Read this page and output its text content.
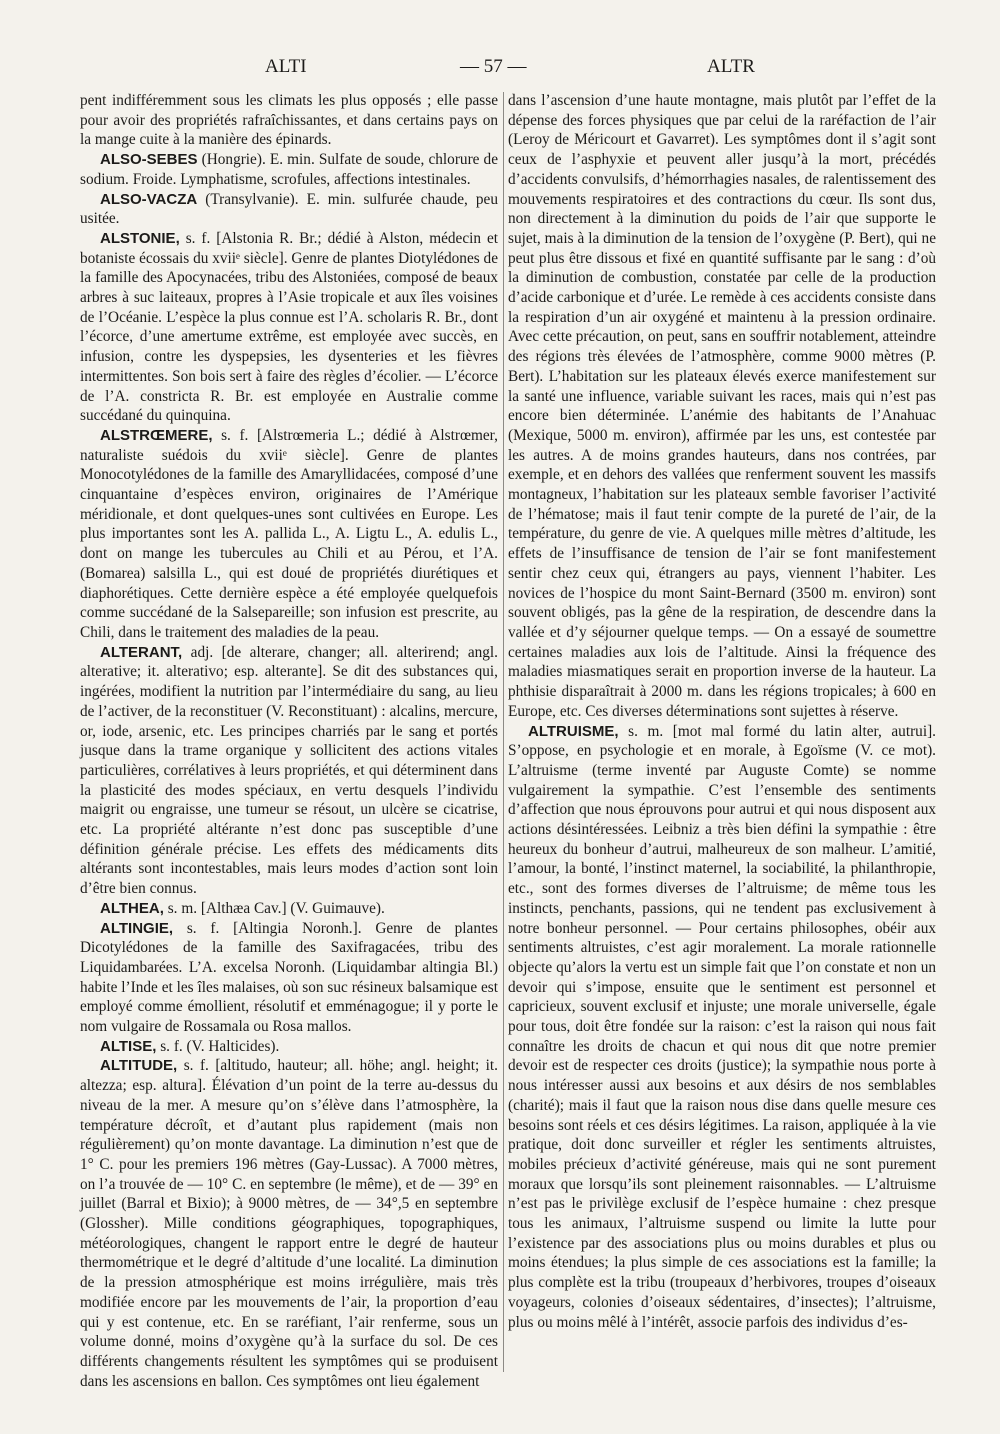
ALTI	— 57 —	ALTR

pent indifféremment sous les climats les plus opposés ; elle passe pour avoir des propriétés rafraîchissantes, et dans certains pays on la mange cuite à la manière des épinards.

ALSO-SEBES (Hongrie). E. min. Sulfate de soude, chlorure de sodium. Froide. Lymphatisme, scrofules, affections intestinales.

ALSO-VACZA (Transylvanie). E. min. sulfurée chaude, peu usitée.

ALSTONIE, s. f. [Alstonia R. Br.; dédié à Alston, médecin et botaniste écossais du xviiᵉ siècle]. Genre de plantes Diotylédones de la famille des Apocynacées, tribu des Alstoniées, composé de beaux arbres à suc laiteaux, propres à l’Asie tropicale et aux îles voisines de l’Océanie. L’espèce la plus connue est l’A. scholaris R. Br., dont l’écorce, d’une amertume extrême, est employée avec succès, en infusion, contre les dyspepsies, les dysenteries et les fièvres intermittentes. Son bois sert à faire des règles d’écolier. — L’écorce de l’A. constricta R. Br. est employée en Australie comme succédané du quinquina.

ALSTRŒMERE, s. f. [Alstrœmeria L.; dédié à Alstrœmer, naturaliste suédois du xviiᵉ siècle]. Genre de plantes Monocotylédones de la famille des Amaryllidacées, composé d’une cinquantaine d’espèces environ, originaires de l’Amérique méridionale, et dont quelques-unes sont cultivées en Europe. Les plus importantes sont les A. pallida L., A. Ligtu L., A. edulis L., dont on mange les tubercules au Chili et au Pérou, et l’A. (Bomarea) salsilla L., qui est doué de propriétés diurétiques et diaphorétiques. Cette dernière espèce a été employée quelquefois comme succédané de la Salsepareille; son infusion est prescrite, au Chili, dans le traitement des maladies de la peau.

ALTERANT, adj. [de alterare, changer; all. alterirend; angl. alterative; it. alterativo; esp. alterante]. Se dit des substances qui, ingérées, modifient la nutrition par l’intermédiaire du sang, au lieu de l’activer, de la reconstituer (V. Reconstituant) : alcalins, mercure, or, iode, arsenic, etc. Les principes charriés par le sang et portés jusque dans la trame organique y sollicitent des actions vitales particulières, corrélatives à leurs propriétés, et qui déterminent dans la plasticité des modes spéciaux, en vertu desquels l’individu maigrit ou engraisse, une tumeur se résout, un ulcère se cicatrise, etc. La propriété altérante n’est donc pas susceptible d’une définition générale précise. Les effets des médicaments dits altérants sont incontestables, mais leurs modes d’action sont loin d’être bien connus.

ALTHEA, s. m. [Althæa Cav.] (V. Guimauve).

ALTINGIE, s. f. [Altingia Noronh.]. Genre de plantes Dicotylédones de la famille des Saxifragacées, tribu des Liquidambarées. L’A. excelsa Noronh. (Liquidambar altingia Bl.) habite l’Inde et les îles malaises, où son suc résineux balsamique est employé comme émollient, résolutif et emménagogue; il y porte le nom vulgaire de Rossamala ou Rosa mallos.

ALTISE, s. f. (V. Halticides).

ALTITUDE, s. f. [altitudo, hauteur; all. höhe; angl. height; it. altezza; esp. altura]. Élévation d’un point de la terre au-dessus du niveau de la mer. A mesure qu’on s’élève dans l’atmosphère, la température décroît, et d’autant plus rapidement (mais non régulièrement) qu’on monte davantage. La diminution n’est que de 1° C. pour les premiers 196 mètres (Gay-Lussac). A 7000 mètres, on l’a trouvée de — 10° C. en septembre (le même), et de — 39° en juillet (Barral et Bixio); à 9000 mètres, de — 34°,5 en septembre (Glossher). Mille conditions géographiques, topographiques, météorologiques, changent le rapport entre le degré de hauteur thermométrique et le degré d’altitude d’une localité. La diminution de la pression atmosphérique est moins irrégulière, mais très modifiée encore par les mouvements de l’air, la proportion d’eau qui y est contenue, etc. En se raréfiant, l’air renferme, sous un volume donné, moins d’oxygène qu’à la surface du sol. De ces différents changements résultent les symptômes qui se produisent dans les ascensions en ballon. Ces symptômes ont lieu également

dans l’ascension d’une haute montagne, mais plutôt par l’effet de la dépense des forces physiques que par celui de la raréfaction de l’air (Leroy de Méricourt et Gavarret). Les symptômes dont il s’agit sont ceux de l’asphyxie et peuvent aller jusqu’à la mort, précédés d’accidents convulsifs, d’hémorrhagies nasales, de ralentissement des mouvements respiratoires et des contractions du cœur. Ils sont dus, non directement à la diminution du poids de l’air que supporte le sujet, mais à la diminution de la tension de l’oxygène (P. Bert), qui ne peut plus être dissous et fixé en quantité suffisante par le sang : d’où la diminution de combustion, constatée par celle de la production d’acide carbonique et d’urée. Le remède à ces accidents consiste dans la respiration d’un air oxygéné et maintenu à la pression ordinaire. Avec cette précaution, on peut, sans en souffrir notablement, atteindre des régions très élevées de l’atmosphère, comme 9000 mètres (P. Bert). L’habitation sur les plateaux élevés exerce manifestement sur la santé une influence, variable suivant les races, mais qui n’est pas encore bien déterminée. L’anémie des habitants de l’Anahuac (Mexique, 5000 m. environ), affirmée par les uns, est contestée par les autres. A de moins grandes hauteurs, dans nos contrées, par exemple, et en dehors des vallées que renferment souvent les massifs montagneux, l’habitation sur les plateaux semble favoriser l’activité de l’hématose; mais il faut tenir compte de la pureté de l’air, de la température, du genre de vie. A quelques mille mètres d’altitude, les effets de l’insuffisance de tension de l’air se font manifestement sentir chez ceux qui, étrangers au pays, viennent l’habiter. Les novices de l’hospice du mont Saint-Bernard (3500 m. environ) sont souvent obligés, pas la gêne de la respiration, de descendre dans la vallée et d’y séjourner quelque temps. — On a essayé de soumettre certaines maladies aux lois de l’altitude. Ainsi la fréquence des maladies miasmatiques serait en proportion inverse de la hauteur. La phthisie disparaîtrait à 2000 m. dans les régions tropicales; à 600 en Europe, etc. Ces diverses déterminations sont sujettes à réserve.

ALTRUISME, s. m. [mot mal formé du latin alter, autrui]. S’oppose, en psychologie et en morale, à Egoïsme (V. ce mot). L’altruisme (terme inventé par Auguste Comte) se nomme vulgairement la sympathie. C’est l’ensemble des sentiments d’affection que nous éprouvons pour autrui et qui nous disposent aux actions désintéressées. Leibniz a très bien défini la sympathie : être heureux du bonheur d’autrui, malheureux de son malheur. L’amitié, l’amour, la bonté, l’instinct maternel, la sociabilité, la philanthropie, etc., sont des formes diverses de l’altruisme; de même tous les instincts, penchants, passions, qui ne tendent pas exclusivement à notre bonheur personnel. — Pour certains philosophes, obéir aux sentiments altruistes, c’est agir moralement. La morale rationnelle objecte qu’alors la vertu est un simple fait que l’on constate et non un devoir qui s’impose, ensuite que le sentiment est personnel et capricieux, souvent exclusif et injuste; une morale universelle, égale pour tous, doit être fondée sur la raison: c’est la raison qui nous fait connaître les droits de chacun et qui nous dit que notre premier devoir est de respecter ces droits (justice); la sympathie nous porte à nous intéresser aussi aux besoins et aux désirs de nos semblables (charité); mais il faut que la raison nous dise dans quelle mesure ces besoins sont réels et ces désirs légitimes. La raison, appliquée à la vie pratique, doit donc surveiller et régler les sentiments altruistes, mobiles précieux d’activité généreuse, mais qui ne sont purement moraux que lorsqu’ils sont pleinement raisonnables. — L’altruisme n’est pas le privilège exclusif de l’espèce humaine : chez presque tous les animaux, l’altruisme suspend ou limite la lutte pour l’existence par des associations plus ou moins durables et plus ou moins étendues; la plus simple de ces associations est la famille; la plus complète est la tribu (troupeaux d’herbivores, troupes d’oiseaux voyageurs, colonies d’oiseaux sédentaires, d’insectes); l’altruisme, plus ou moins mêlé à l’intérêt, associe parfois des individus d’es-
